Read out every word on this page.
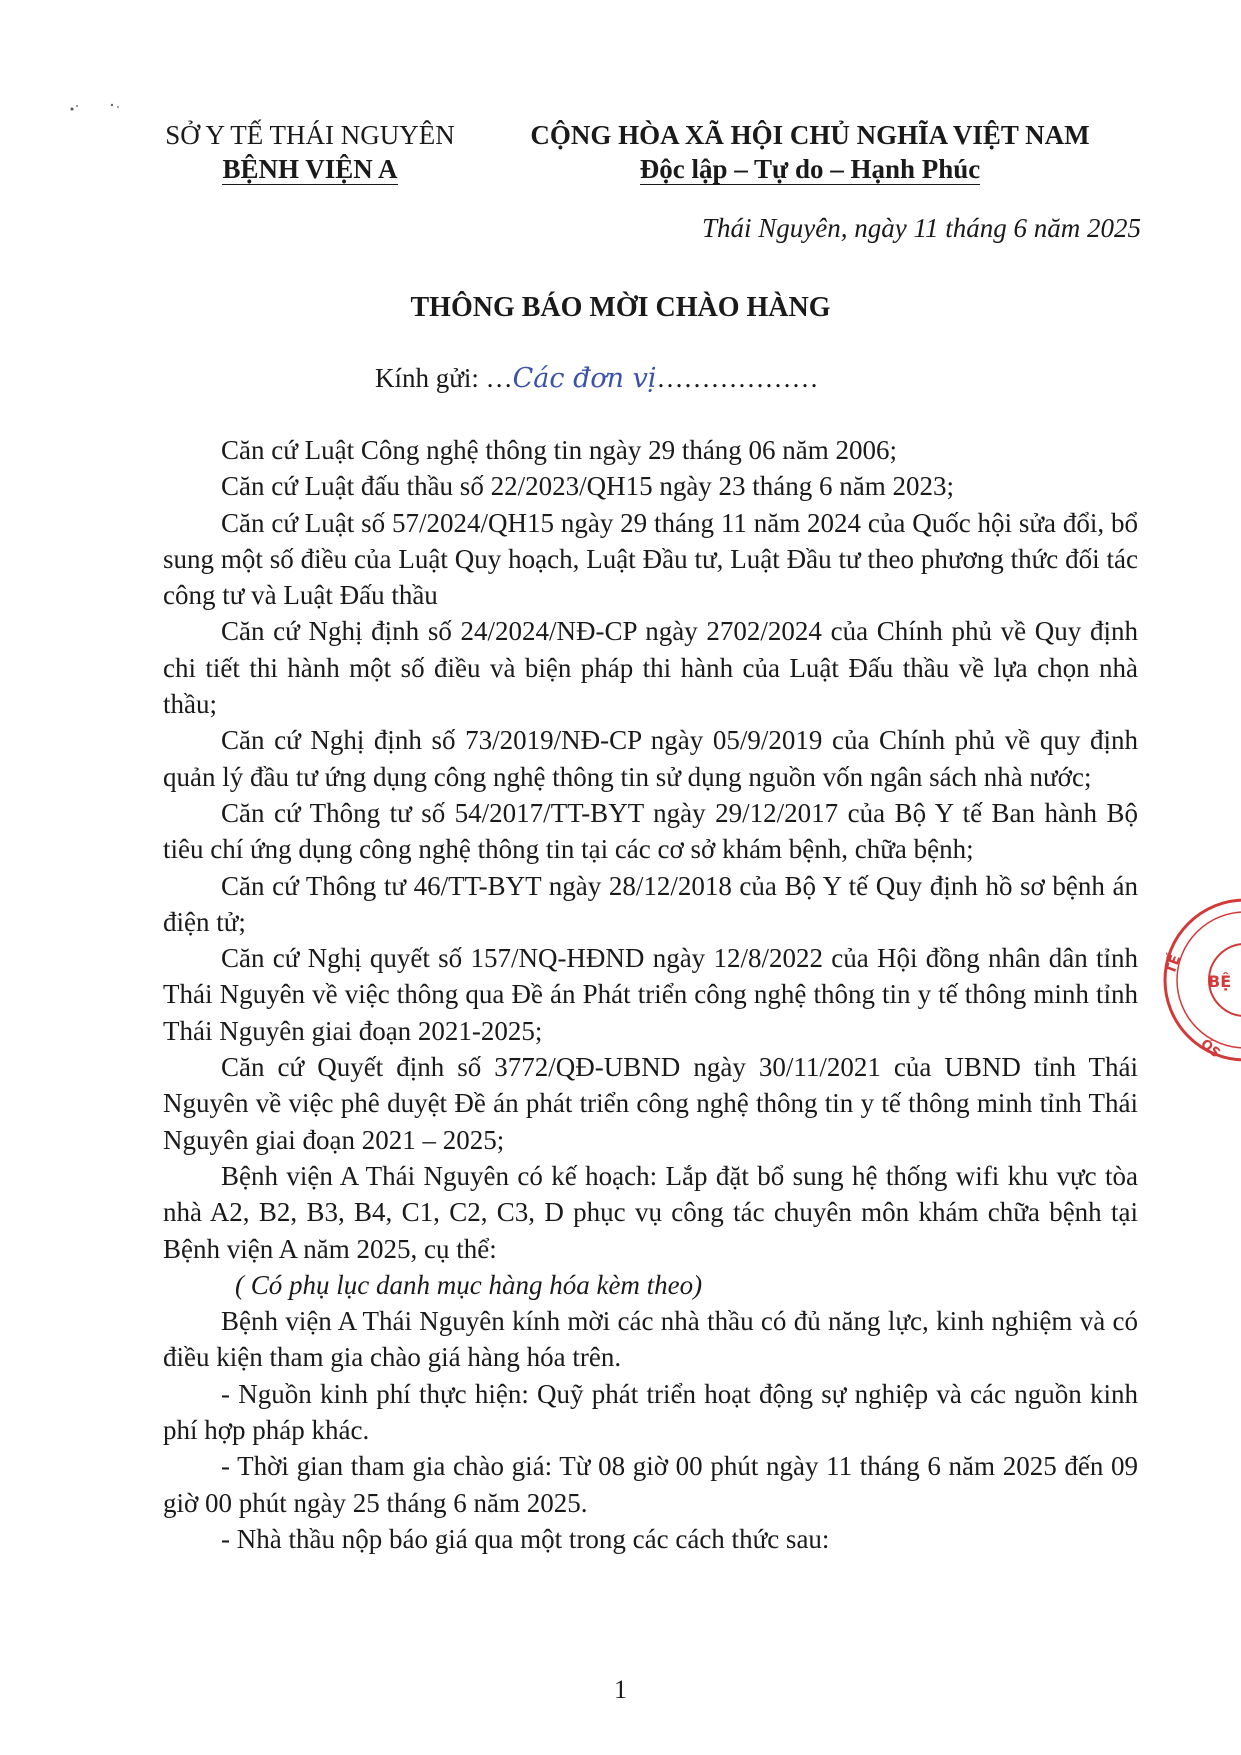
SỞ Y TẾ THÁI NGUYÊN
BỆNH VIỆN A
CỘNG HÒA XÃ HỘI CHỦ NGHĨA VIỆT NAM
Độc lập – Tự do – Hạnh Phúc
Thái Nguyên, ngày 11 tháng 6 năm 2025
THÔNG BÁO MỜI CHÀO HÀNG
Kính gửi: …Các đơn vị………………

Căn cứ Luật Công nghệ thông tin ngày 29 tháng 06 năm 2006;

Căn cứ Luật đấu thầu số 22/2023/QH15 ngày 23 tháng 6 năm 2023;

Căn cứ Luật số 57/2024/QH15 ngày 29 tháng 11 năm 2024 của Quốc hội sửa đổi, bổ sung một số điều của Luật Quy hoạch, Luật Đầu tư, Luật Đầu tư theo phương thức đối tác công tư và Luật Đấu thầu

Căn cứ Nghị định số 24/2024/NĐ-CP ngày 2702/2024 của Chính phủ về Quy định chi tiết thi hành một số điều và biện pháp thi hành của Luật Đấu thầu về lựa chọn nhà thầu;

Căn cứ Nghị định số 73/2019/NĐ-CP ngày 05/9/2019 của Chính phủ về quy định quản lý đầu tư ứng dụng công nghệ thông tin sử dụng nguồn vốn ngân sách nhà nước;

Căn cứ Thông tư số 54/2017/TT-BYT ngày 29/12/2017 của Bộ Y tế Ban hành Bộ tiêu chí ứng dụng công nghệ thông tin tại các cơ sở khám bệnh, chữa bệnh;

Căn cứ Thông tư 46/TT-BYT ngày 28/12/2018 của Bộ Y tế Quy định hồ sơ bệnh án điện tử;

Căn cứ Nghị quyết số 157/NQ-HĐND ngày 12/8/2022 của Hội đồng nhân dân tỉnh Thái Nguyên về việc thông qua Đề án Phát triển công nghệ thông tin y tế thông minh tỉnh Thái Nguyên giai đoạn 2021-2025;

Căn cứ Quyết định số 3772/QĐ-UBND ngày 30/11/2021 của UBND tỉnh Thái Nguyên về việc phê duyệt Đề án phát triển công nghệ thông tin y tế thông minh tỉnh Thái Nguyên giai đoạn 2021 – 2025;

Bệnh viện A Thái Nguyên có kế hoạch: Lắp đặt bổ sung hệ thống wifi khu vực tòa nhà A2, B2, B3, B4, C1, C2, C3, D phục vụ công tác chuyên môn khám chữa bệnh tại Bệnh viện A năm 2025, cụ thể:

( Có phụ lục danh mục hàng hóa kèm theo)

Bệnh viện A Thái Nguyên kính mời các nhà thầu có đủ năng lực, kinh nghiệm và có điều kiện tham gia chào giá hàng hóa trên.

- Nguồn kinh phí thực hiện: Quỹ phát triển hoạt động sự nghiệp và các nguồn kinh phí hợp pháp khác.

- Thời gian tham gia chào giá: Từ 08 giờ 00 phút ngày 11 tháng 6 năm 2025 đến 09 giờ 00 phút ngày 25 tháng 6 năm 2025.

- Nhà thầu nộp báo giá qua một trong các cách thức sau:

BỆ
TẾ
ÓS
1
